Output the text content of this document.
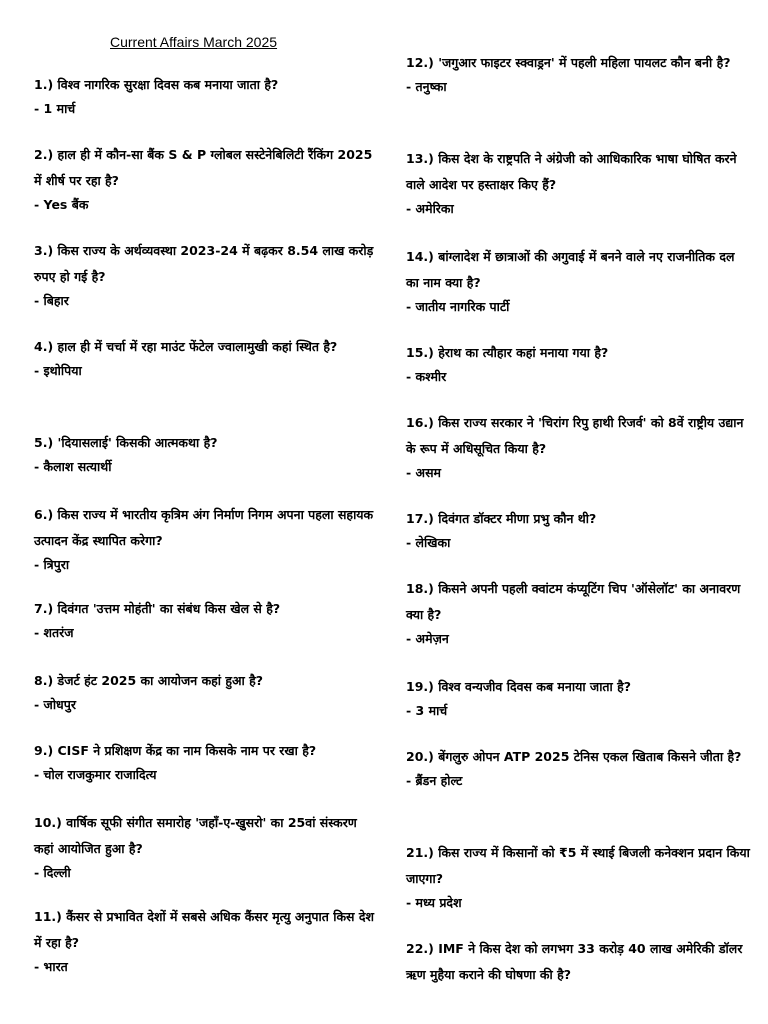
Current Affairs March 2025
1.) विश्व नागरिक सुरक्षा दिवस कब मनाया जाता है?
- 1 मार्च
2.) हाल ही में कौन-सा बैंक S & P ग्लोबल सस्टेनेबिलिटी रैंकिंग 2025 में शीर्ष पर रहा है?
- Yes बैंक
3.) किस राज्य के अर्थव्यवस्था 2023-24 में बढ़कर 8.54 लाख करोड़ रुपए हो गई है?
- बिहार
4.) हाल ही में चर्चा में रहा माउंट फेंटेल ज्वालामुखी कहां स्थित है?
- इथोपिया
5.) 'दियासलाई' किसकी आत्मकथा है?
- कैलाश सत्यार्थी
6.) किस राज्य में भारतीय कृत्रिम अंग निर्माण निगम अपना पहला सहायक उत्पादन केंद्र स्थापित करेगा?
- त्रिपुरा
7.) दिवंगत 'उत्तम मोहंती' का संबंध किस खेल से है?
- शतरंज
8.) डेजर्ट हंट 2025 का आयोजन कहां हुआ है?
- जोधपुर
9.) CISF ने प्रशिक्षण केंद्र का नाम किसके नाम पर रखा है?
- चोल राजकुमार राजादित्य
10.) वार्षिक सूफी संगीत समारोह 'जहाँ-ए-खुसरो' का 25वां संस्करण कहां आयोजित हुआ है?
- दिल्ली
11.) कैंसर से प्रभावित देशों में सबसे अधिक कैंसर मृत्यु अनुपात किस देश में रहा है?
- भारत
12.) 'जगुआर फाइटर स्क्वाड्रन' में पहली महिला पायलट कौन बनी है?
- तनुष्का
13.) किस देश के राष्ट्रपति ने अंग्रेजी को आधिकारिक भाषा घोषित करने वाले आदेश पर हस्ताक्षर किए हैं?
- अमेरिका
14.) बांग्लादेश में छात्राओं की अगुवाई में बनने वाले नए राजनीतिक दल का नाम क्या है?
- जातीय नागरिक पार्टी
15.) हेराथ का त्यौहार कहां मनाया गया है?
- कश्मीर
16.) किस राज्य सरकार ने 'चिरांग रिपु हाथी रिजर्व' को 8वें राष्ट्रीय उद्यान के रूप में अधिसूचित किया है?
- असम
17.) दिवंगत डॉक्टर मीणा प्रभु कौन थी?
- लेखिका
18.) किसने अपनी पहली क्वांटम कंप्यूटिंग चिप 'ऑसेलॉट' का अनावरण क्या है?
- अमेज़न
19.) विश्व वन्यजीव दिवस कब मनाया जाता है?
- 3 मार्च
20.) बेंगलुरु ओपन ATP 2025 टेनिस एकल खिताब किसने जीता है?
- ब्रैंडन होल्ट
21.) किस राज्य में किसानों को ₹5 में स्थाई बिजली कनेक्शन प्रदान किया जाएगा?
- मध्य प्रदेश
22.) IMF ने किस देश को लगभग 33 करोड़ 40 लाख अमेरिकी डॉलर ऋण मुहैया कराने की घोषणा की है?
